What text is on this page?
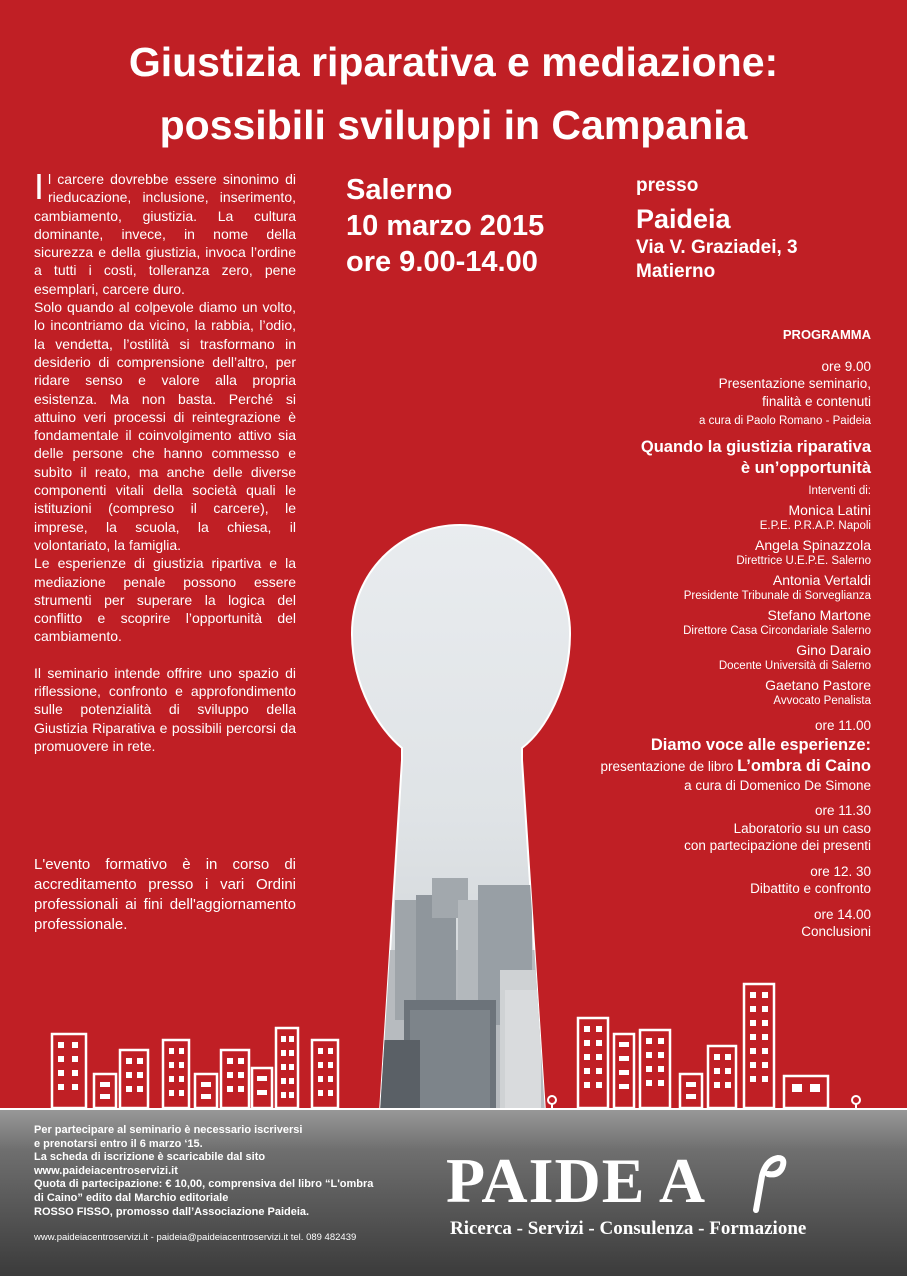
Giustizia riparativa e mediazione:
possibili sviluppi in Campania

Il carcere dovrebbe essere sinonimo di rieducazione, inclusione, inserimento, cambiamento, giustizia. La cultura dominante, invece, in nome della sicurezza e della giustizia, invoca l’ordine a tutti i costi, tolleranza zero, pene esemplari, carcere duro.

Solo quando al colpevole diamo un volto, lo incontriamo da vicino, la rabbia, l’odio, la vendetta, l’ostilità si trasformano in desiderio di comprensione dell’altro, per ridare senso e valore alla propria esistenza. Ma non basta. Perché si attuino veri processi di reintegrazione è fondamentale il coinvolgimento attivo sia delle persone che hanno commesso e subìto il reato, ma anche delle diverse componenti vitali della società quali le istituzioni (compreso il carcere), le imprese, la scuola, la chiesa, il volontariato, la famiglia.

Le esperienze di giustizia ripartiva e la mediazione penale possono essere strumenti per superare la logica del conflitto e scoprire l’opportunità del cambiamento.

Il seminario intende offrire uno spazio di riflessione, confronto e approfondimento sulle potenzialità di sviluppo della Giustizia Riparativa e possibili percorsi da promuovere in rete.

L'evento formativo è in corso di accreditamento presso i vari Ordini professionali ai fini dell'aggiornamento professionale.
Salerno
10 marzo 2015
ore 9.00-14.00
presso
Paideia
Via V. Graziadei, 3
Matierno
PROGRAMMA
ore 9.00
Presentazione seminario,
finalità e contenuti
a cura di Paolo Romano - Paideia
Quando la giustizia riparativa
è un’opportunità
Interventi di:
Monica Latini
E.P.E. P.R.A.P. Napoli
Angela Spinazzola
Direttrice U.E.P.E. Salerno
Antonia Vertaldi
Presidente Tribunale di Sorveglianza
Stefano Martone
Direttore Casa Circondariale Salerno
Gino Daraio
Docente Università di Salerno
Gaetano Pastore
Avvocato Penalista
ore 11.00
Diamo voce alle esperienze:
presentazione de libro L’ombra di Caino
a cura di Domenico De Simone
ore 11.30
Laboratorio su un caso
con partecipazione dei presenti
ore 12. 30
Dibattito e confronto
ore 14.00
Conclusioni
Per partecipare al seminario è necessario iscriversi
e prenotarsi entro il 6 marzo ‘15.
La scheda di iscrizione è scaricabile dal sito
www.paideiacentroservizi.it
Quota di partecipazione: € 10,00, comprensiva del libro “L'ombra
di Caino” edito dal Marchio editoriale
ROSSO FISSO, promosso dall’Associazione Paideia.
www.paideiacentroservizi.it - paideia@paideiacentroservizi.it tel. 089 482439
PAIDE A
Ricerca - Servizi - Consulenza - Formazione
